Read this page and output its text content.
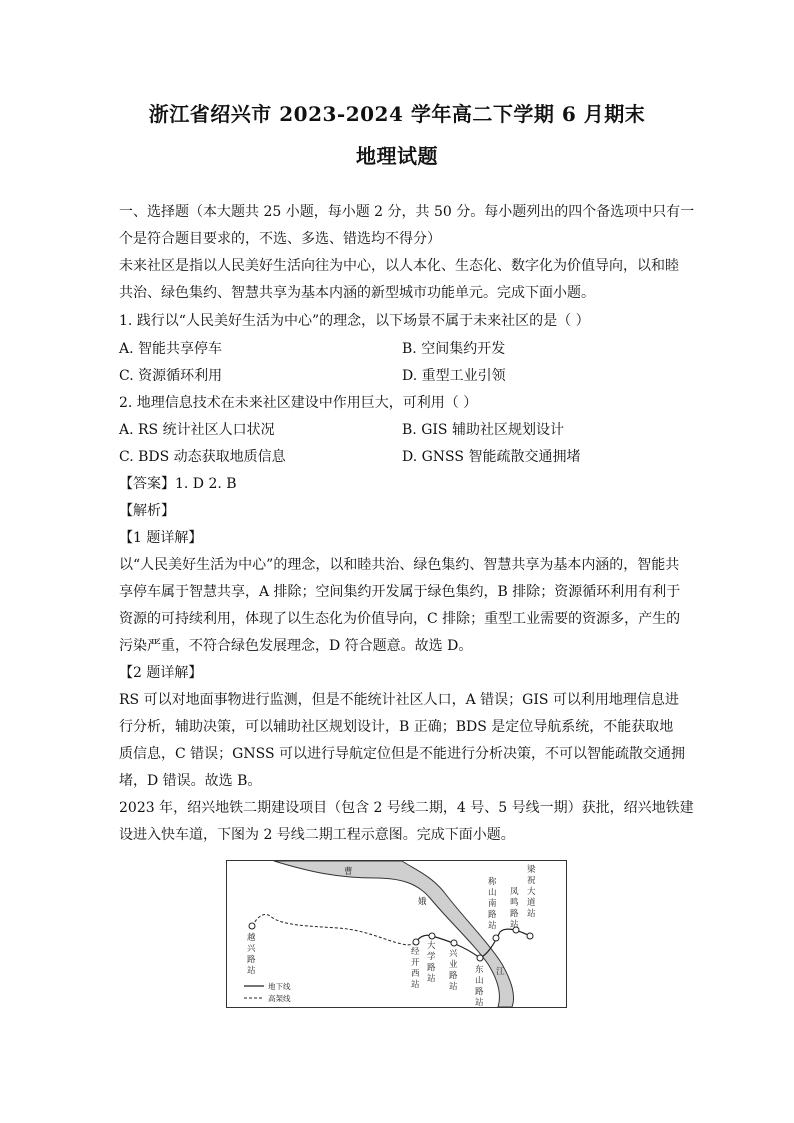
浙江省绍兴市 2023-2024 学年高二下学期 6 月期末
地理试题
一、选择题（本大题共 25 小题，每小题 2 分，共 50 分。每小题列出的四个备选项中只有一
个是符合题目要求的，不选、多选、错选均不得分）
未来社区是指以人民美好生活向往为中心，以人本化、生态化、数字化为价值导向，以和睦
共治、绿色集约、智慧共享为基本内涵的新型城市功能单元。完成下面小题。
1. 践行以“人民美好生活为中心”的理念，以下场景不属于未来社区的是（ ）
A. 智能共享停车	B. 空间集约开发
C. 资源循环利用	D. 重型工业引领
2. 地理信息技术在未来社区建设中作用巨大，可利用（ ）
A. RS 统计社区人口状况	B. GIS 辅助社区规划设计
C. BDS 动态获取地质信息	D. GNSS 智能疏散交通拥堵
【答案】1. D 2. B
【解析】
【1 题详解】
以“人民美好生活为中心”的理念，以和睦共治、绿色集约、智慧共享为基本内涵的，智能共
享停车属于智慧共享，A 排除；空间集约开发属于绿色集约，B 排除；资源循环利用有利于
资源的可持续利用，体现了以生态化为价值导向，C 排除；重型工业需要的资源多，产生的
污染严重，不符合绿色发展理念，D 符合题意。故选 D。
【2 题详解】
RS 可以对地面事物进行监测，但是不能统计社区人口，A 错误；GIS 可以利用地理信息进
行分析，辅助决策，可以辅助社区规划设计，B 正确；BDS 是定位导航系统，不能获取地
质信息，C 错误；GNSS 可以进行导航定位但是不能进行分析决策，不可以智能疏散交通拥
堵，D 错误。故选 B。
2023 年，绍兴地铁二期建设项目（包含 2 号线二期，4 号、5 号线一期）获批，绍兴地铁建
设进入快车道，下图为 2 号线二期工程示意图。完成下面小题。
曹
娥
江
越兴路站
经开西站
大学路站
兴业路站
东山路站
称山南路站
凤鸣路站
梁祝大道站
地下线
高架线
